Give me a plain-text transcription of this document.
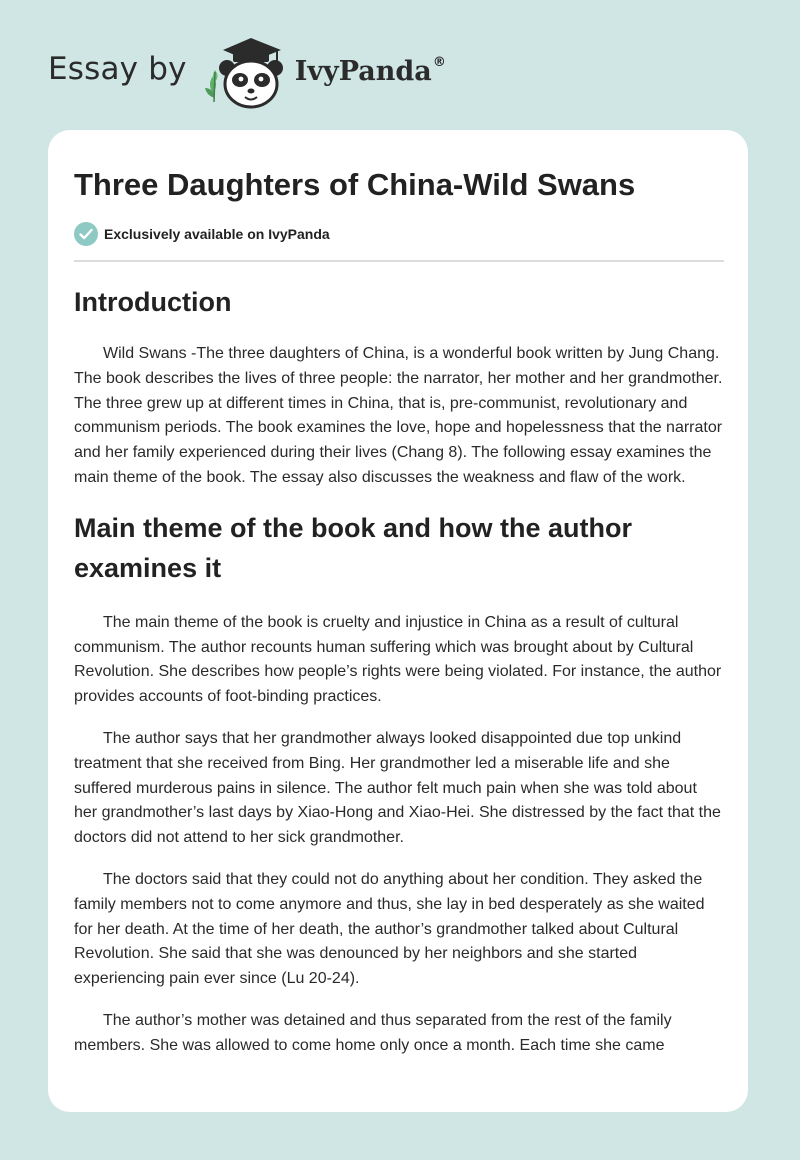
Essay by	IvyPanda®
Three Daughters of China-Wild Swans
Exclusively available on IvyPanda
Introduction

Wild Swans -The three daughters of China, is a wonderful book written by Jung Chang. The book describes the lives of three people: the narrator, her mother and her grandmother. The three grew up at different times in China, that is, pre-communist, revolutionary and communism periods. The book examines the love, hope and hopelessness that the narrator and her family experienced during their lives (Chang 8). The following essay examines the main theme of the book. The essay also discusses the weakness and flaw of the work.

Main theme of the book and how the author examines it

The main theme of the book is cruelty and injustice in China as a result of cultural communism. The author recounts human suffering which was brought about by Cultural Revolution. She describes how people’s rights were being violated. For instance, the author provides accounts of foot-binding practices.

The author says that her grandmother always looked disappointed due top unkind treatment that she received from Bing. Her grandmother led a miserable life and she suffered murderous pains in silence. The author felt much pain when she was told about her grandmother’s last days by Xiao-Hong and Xiao-Hei. She distressed by the fact that the doctors did not attend to her sick grandmother.

The doctors said that they could not do anything about her condition. They asked the family members not to come anymore and thus, she lay in bed desperately as she waited for her death. At the time of her death, the author’s grandmother talked about Cultural Revolution. She said that she was denounced by her neighbors and she started experiencing pain ever since (Lu 20-24).

The author’s mother was detained and thus separated from the rest of the family members. She was allowed to come home only once a month. Each time she came
